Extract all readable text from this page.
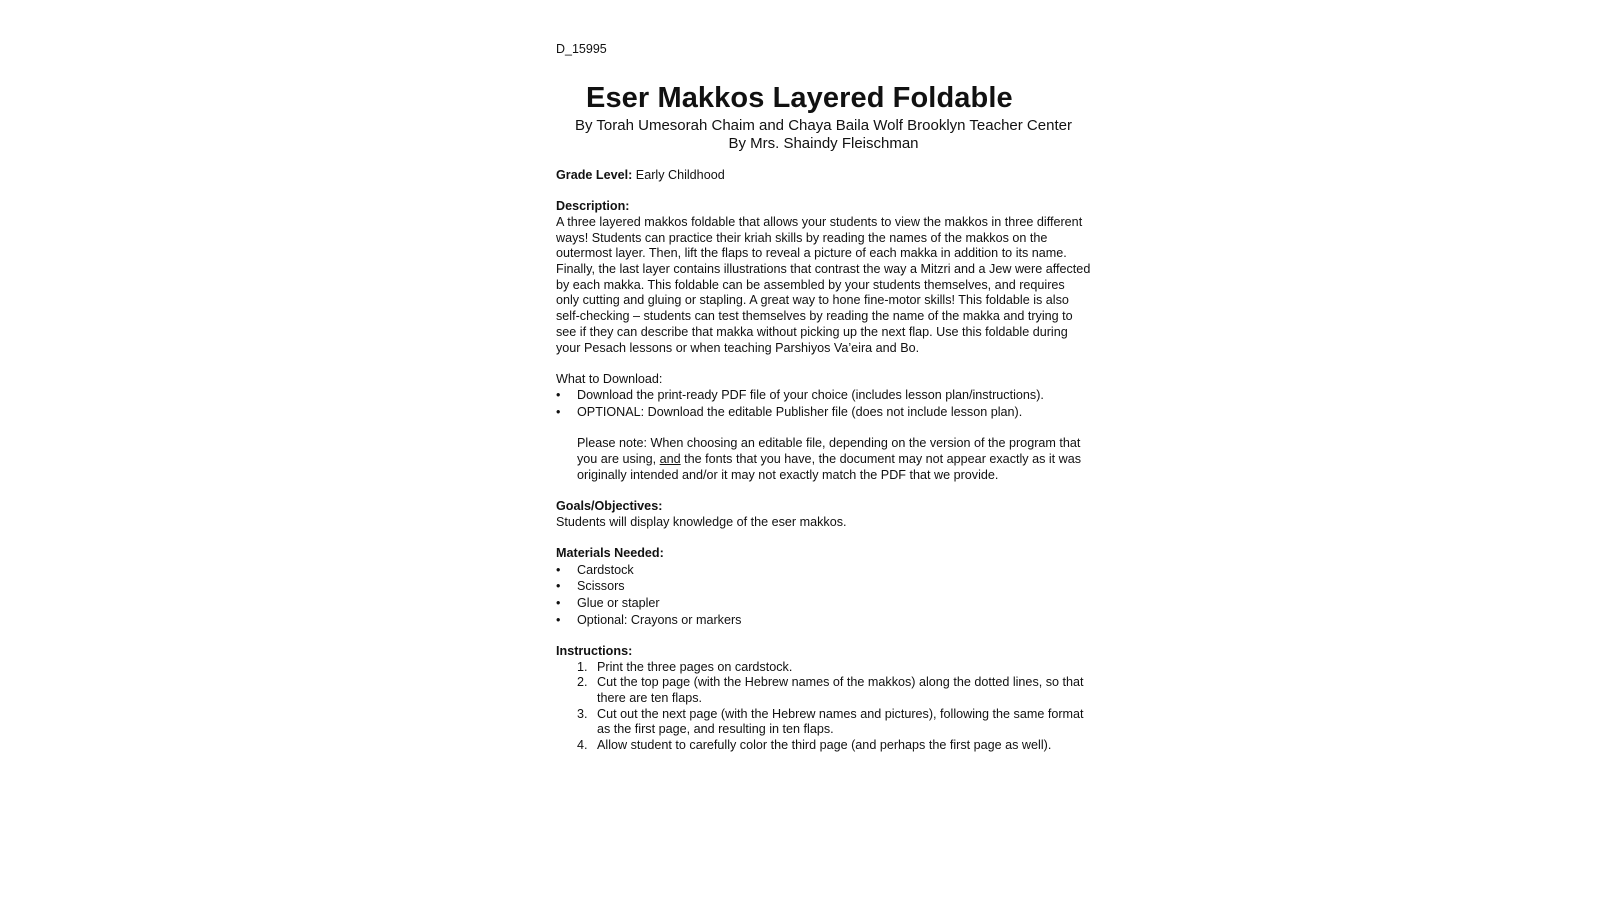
D_15995
Eser Makkos Layered Foldable
By Torah Umesorah Chaim and Chaya Baila Wolf Brooklyn Teacher Center
By Mrs. Shaindy Fleischman

Grade Level: Early Childhood

Description:

A three layered makkos foldable that allows your students to view the makkos in three different ways! Students can practice their kriah skills by reading the names of the makkos on the outermost layer. Then, lift the flaps to reveal a picture of each makka in addition to its name. Finally, the last layer contains illustrations that contrast the way a Mitzri and a Jew were affected by each makka. This foldable can be assembled by your students themselves, and requires only cutting and gluing or stapling. A great way to hone fine-motor skills! This foldable is also self-checking – students can test themselves by reading the name of the makka and trying to see if they can describe that makka without picking up the next flap. Use this foldable during your Pesach lessons or when teaching Parshiyos Va’eira and Bo.

What to Download:

• Download the print-ready PDF file of your choice (includes lesson plan/instructions).
• OPTIONAL: Download the editable Publisher file (does not include lesson plan).

Please note: When choosing an editable file, depending on the version of the program that you are using, and the fonts that you have, the document may not appear exactly as it was originally intended and/or it may not exactly match the PDF that we provide.

Goals/Objectives:

Students will display knowledge of the eser makkos.

Materials Needed:

• Cardstock
• Scissors
• Glue or stapler
• Optional: Crayons or markers

Instructions:

1. Print the three pages on cardstock.
2. Cut the top page (with the Hebrew names of the makkos) along the dotted lines, so that there are ten flaps.
3. Cut out the next page (with the Hebrew names and pictures), following the same format as the first page, and resulting in ten flaps.
4. Allow student to carefully color the third page (and perhaps the first page as well).
